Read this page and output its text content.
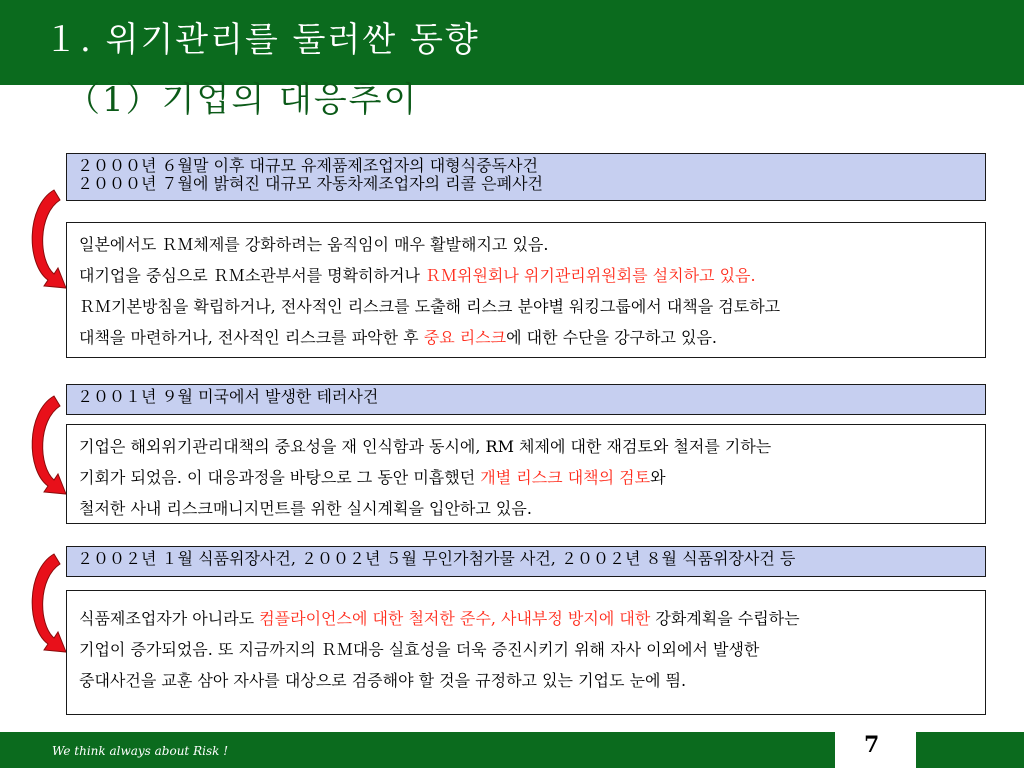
１. 위기관리를 둘러싼 동향
（1）기업의 대응추이
２０００년 ６월말 이후 대규모 유제품제조업자의 대형식중독사건
２０００년 ７월에 밝혀진 대규모 자동차제조업자의 리콜 은폐사건
일본에서도 ＲＭ체제를 강화하려는 움직임이 매우 활발해지고 있음.
대기업을 중심으로 ＲＭ소관부서를 명확히하거나 ＲＭ위원회나 위기관리위원회를 설치하고 있음.
ＲＭ기본방침을 확립하거나, 전사적인 리스크를 도출해 리스크 분야별 워킹그룹에서 대책을 검토하고
대책을 마련하거나, 전사적인 리스크를 파악한 후 중요 리스크에 대한 수단을 강구하고 있음.
２００１년 ９월 미국에서 발생한 테러사건
기업은 해외위기관리대책의 중요성을 재 인식함과 동시에, RM 체제에 대한 재검토와 철저를 기하는
기회가 되었음. 이 대응과정을 바탕으로 그 동안 미흡했던 개별 리스크 대책의 검토와
철저한 사내 리스크매니지먼트를 위한 실시계획을 입안하고 있음.
２００２년 １월 식품위장사건, ２００２년 ５월 무인가첨가물 사건, ２００２년 ８월 식품위장사건 등
식품제조업자가 아니라도 컴플라이언스에 대한 철저한 준수, 사내부정 방지에 대한 강화계획을 수립하는
기업이 증가되었음. 또 지금까지의 ＲＭ대응 실효성을 더욱 증진시키기 위해 자사 이외에서 발생한
중대사건을 교훈 삼아 자사를 대상으로 검증해야 할 것을 규정하고 있는 기업도 눈에 띔.
We think always about Risk !	7
